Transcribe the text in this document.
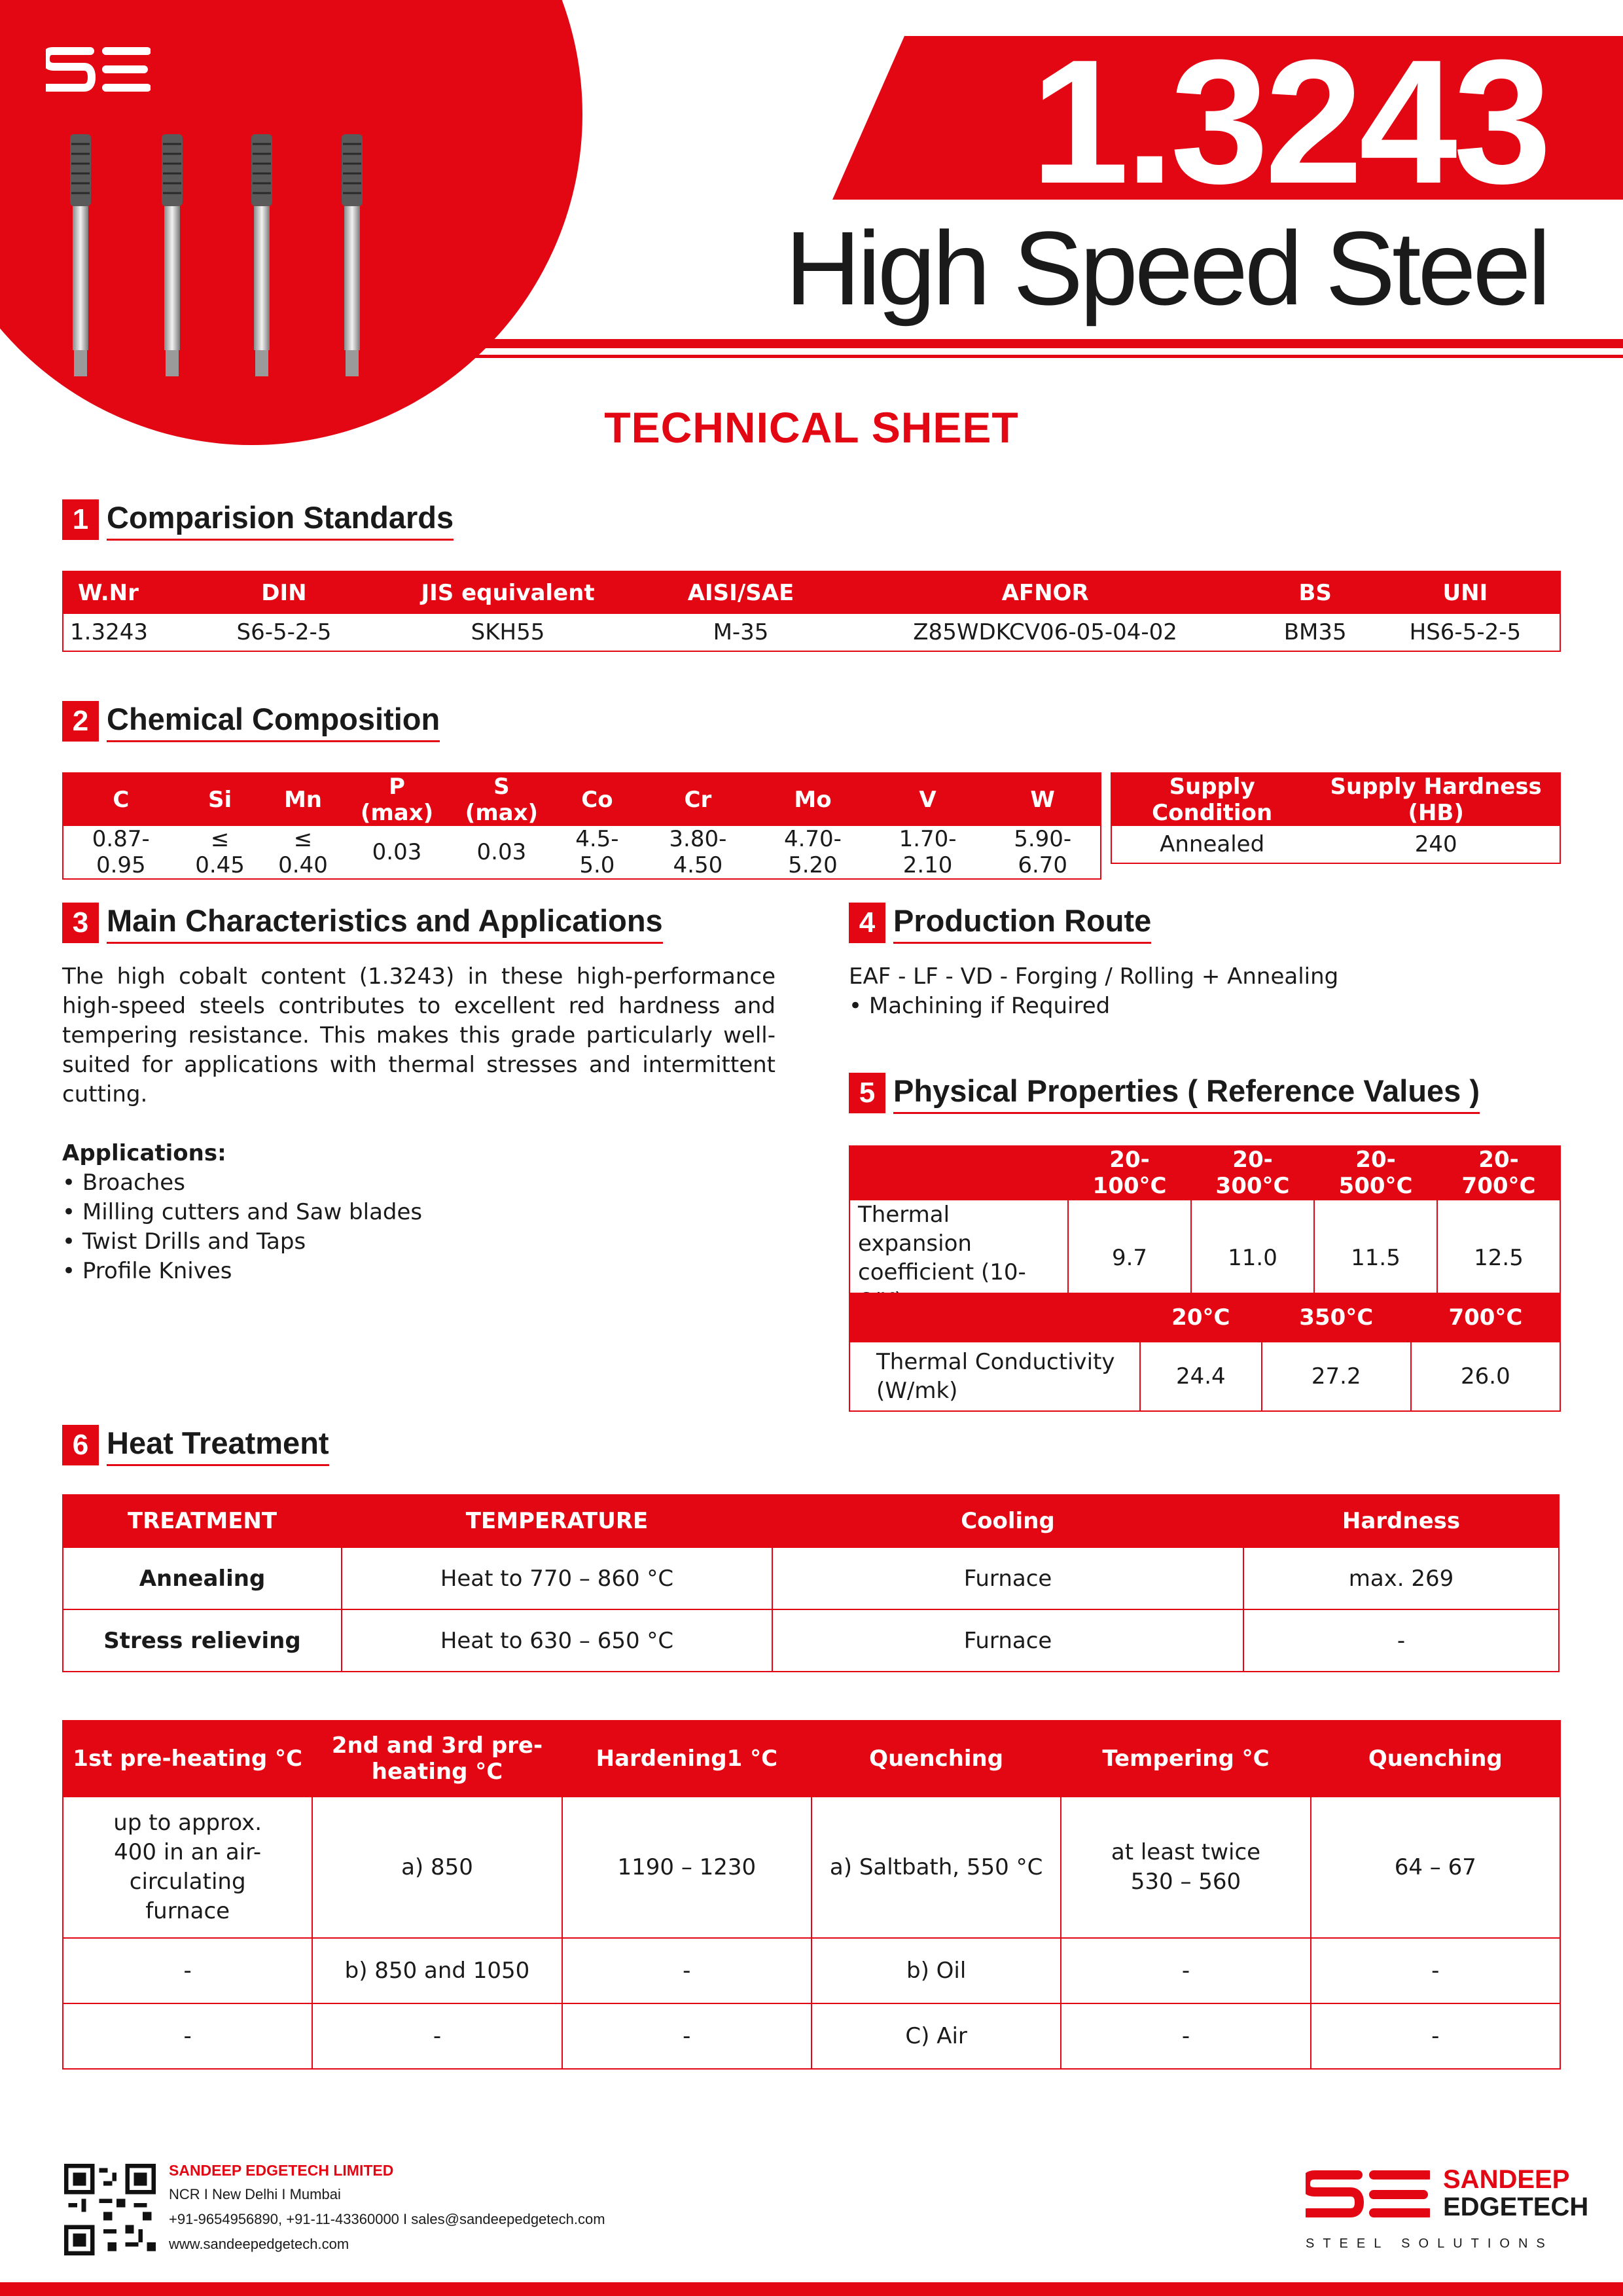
1.3243
High Speed Steel
TECHNICAL SHEET
1 Comparision Standards
W.Nr	DIN	JIS equivalent	AISI/SAE	AFNOR	BS	UNI
1.3243	S6-5-2-5	SKH55	M-35	Z85WDKCV06-05-04-02	BM35	HS6-5-2-5
2 Chemical Composition
C	Si	Mn	P (max)	S (max)	Co	Cr	Mo	V	W
0.87-0.95	≤ 0.45	≤ 0.40	0.03	0.03	4.5-5.0	3.80-4.50	4.70-5.20	1.70-2.10	5.90-6.70
Supply Condition	Supply Hardness (HB)
Annealed	240
3 Main Characteristics and Applications
The high cobalt content (1.3243) in these high-performance high-speed steels contributes to excellent red hardness and tempering resistance. This makes this grade particularly well-suited for applications with thermal stresses and intermittent cutting.
Applications:
• Broaches
• Milling cutters and Saw blades
• Twist Drills and Taps
• Profile Knives
4 Production Route
EAF - LF - VD - Forging / Rolling + Annealing
• Machining if Required
5 Physical Properties ( Reference Values )
	20-100°C	20-300°C	20-500°C	20-700°C
Thermal expansion coefficient (10-	9.7	11.0	11.5	12.5
	20°C	350°C	700°C
Thermal Conductivity (W/mk)	24.4	27.2	26.0
6 Heat Treatment
TREATMENT	TEMPERATURE	Cooling	Hardness
Annealing	Heat to 770 – 860 °C	Furnace	max. 269
Stress relieving	Heat to 630 – 650 °C	Furnace	-
1st pre-heating °C	2nd and 3rd pre-heating °C	Hardening1 °C	Quenching	Tempering °C	Quenching
up to approx. 400 in an air-circulating furnace	a) 850	1190 – 1230	a) Saltbath, 550 °C	at least twice 530 – 560	64 – 67
-	b) 850 and 1050	-	b) Oil	-	-
-	-	-	C) Air	-	-
SANDEEP EDGETECH LIMITED
NCR I New Delhi I Mumbai
+91-9654956890, +91-11-43360000 I sales@sandeepedgetech.com
www.sandeepedgetech.com
SANDEEP
EDGETECH
STEEL SOLUTIONS
